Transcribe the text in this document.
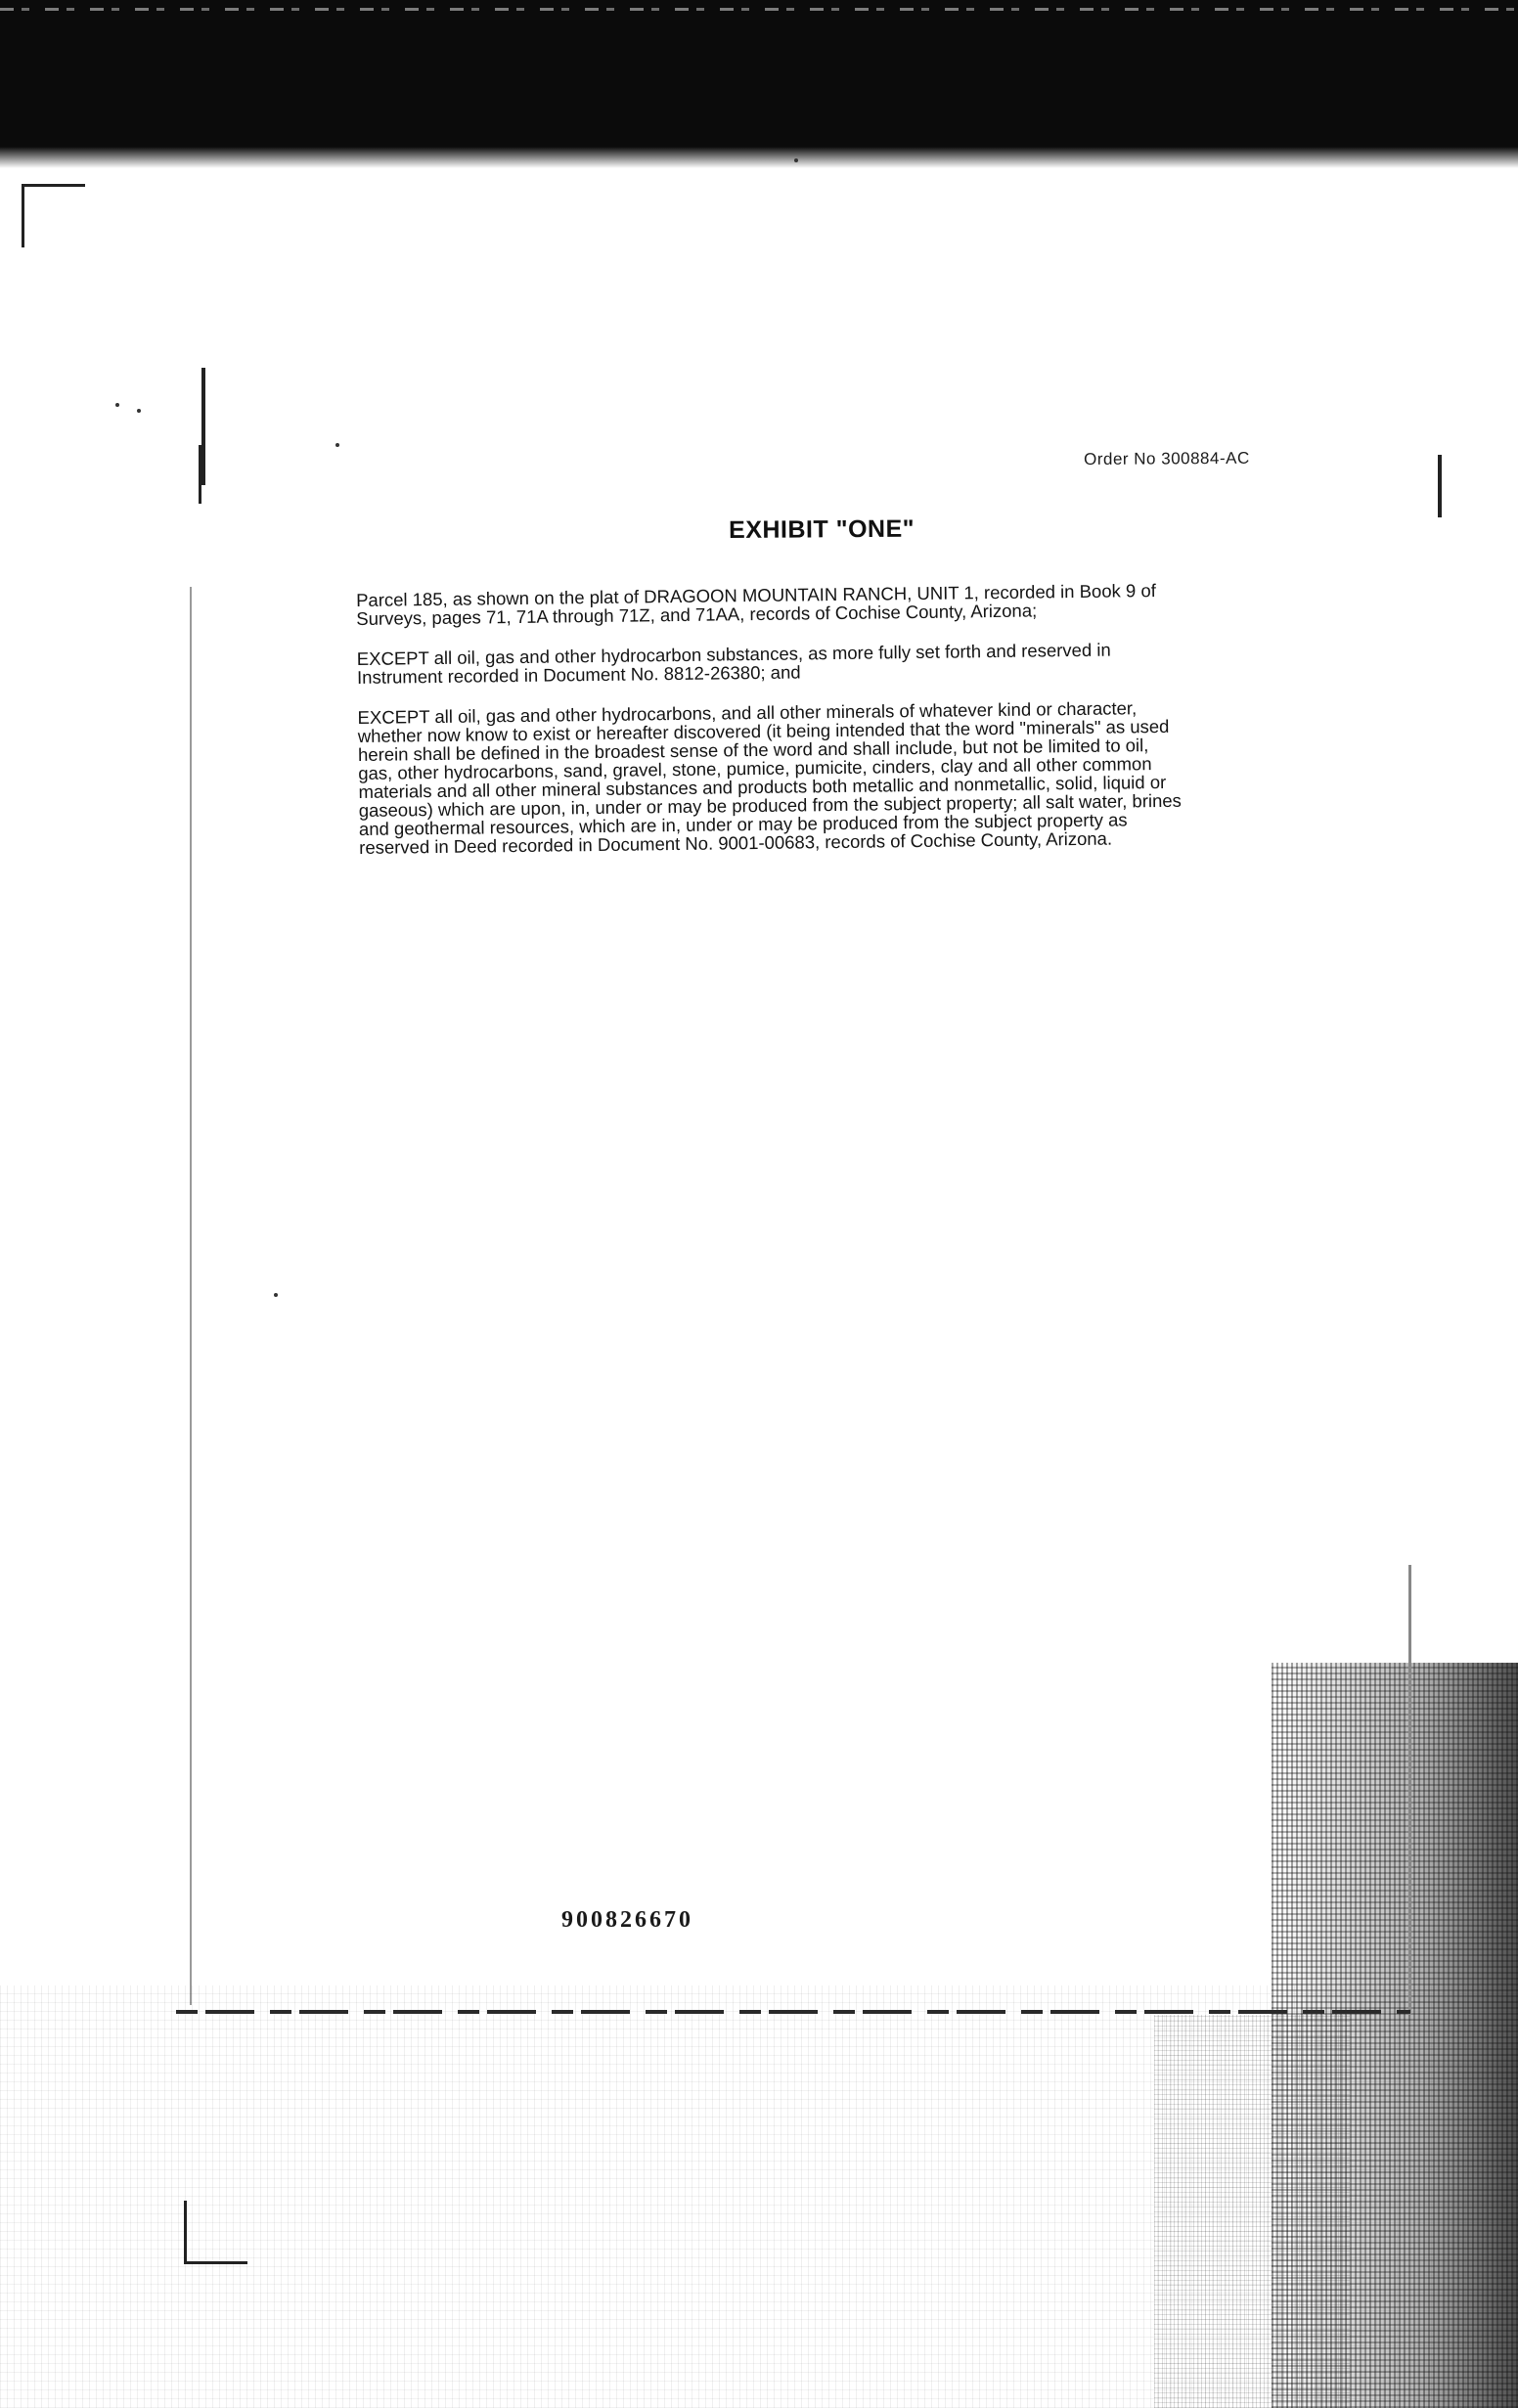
Order No 300884-AC
EXHIBIT "ONE"

Parcel 185, as shown on the plat of DRAGOON MOUNTAIN RANCH, UNIT 1, recorded in Book 9 of
Surveys, pages 71, 71A through 71Z, and 71AA, records of Cochise County, Arizona;

EXCEPT all oil, gas and other hydrocarbon substances, as more fully set forth and reserved in
Instrument recorded in Document No. 8812-26380; and

EXCEPT all oil, gas and other hydrocarbons, and all other minerals of whatever kind or character,
whether now know to exist or hereafter discovered (it being intended that the word "minerals" as used
herein shall be defined in the broadest sense of the word and shall include, but not be limited to oil,
gas, other hydrocarbons, sand, gravel, stone, pumice, pumicite, cinders, clay and all other common
materials and all other mineral substances and products both metallic and nonmetallic, solid, liquid or
gaseous) which are upon, in, under or may be produced from the subject property; all salt water, brines
and geothermal resources, which are in, under or may be produced from the subject property as
reserved in Deed recorded in Document No. 9001-00683, records of Cochise County, Arizona.

900826670
